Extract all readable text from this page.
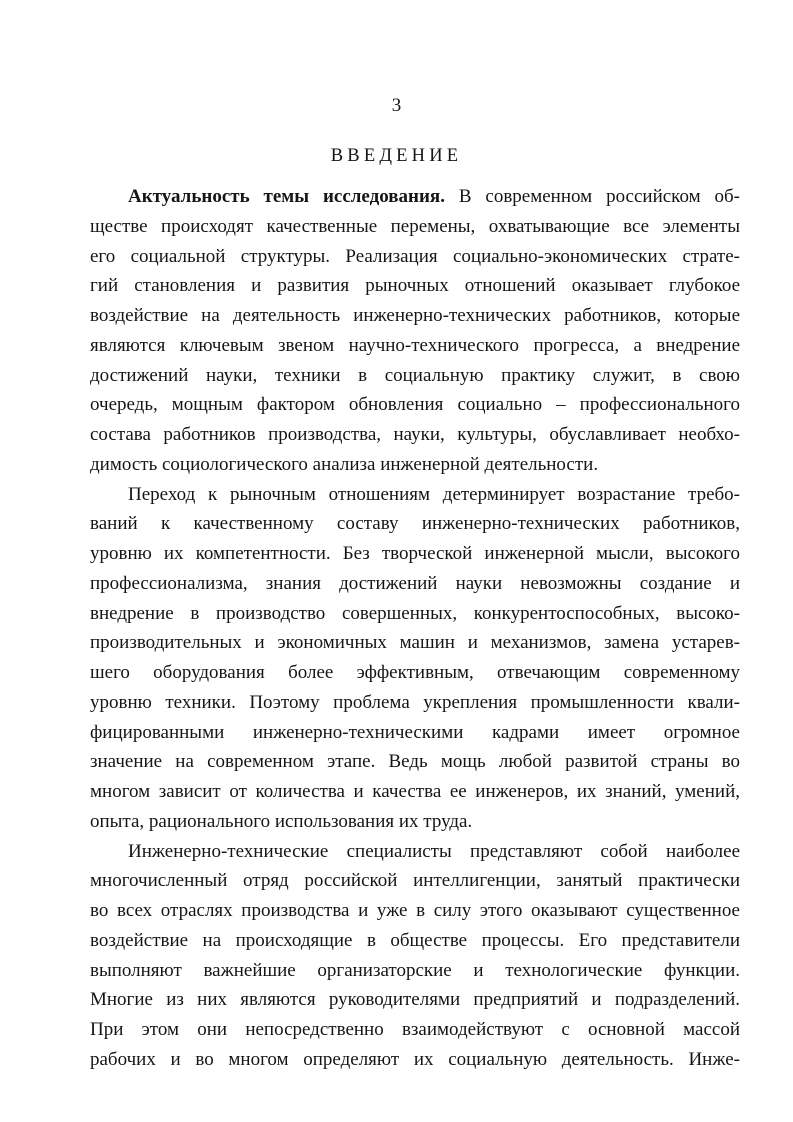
3
ВВЕДЕНИЕ
Актуальность темы исследования. В современном российском об-
ществе происходят качественные перемены, охватывающие все элементы
его социальной структуры. Реализация социально-экономических страте-
гий становления и развития рыночных отношений оказывает глубокое
воздействие на деятельность инженерно-технических работников, которые
являются ключевым звеном научно-технического прогресса, а внедрение
достижений науки, техники в социальную практику служит, в свою
очередь, мощным фактором обновления социально – профессионального
состава работников производства, науки, культуры, обуславливает необхо-
димость социологического анализа инженерной деятельности.
Переход к рыночным отношениям детерминирует возрастание требо-
ваний к качественному составу инженерно-технических работников,
уровню их компетентности. Без творческой инженерной мысли, высокого
профессионализма, знания достижений науки невозможны создание и
внедрение в производство совершенных, конкурентоспособных, высоко-
производительных и экономичных машин и механизмов, замена устарев-
шего оборудования более эффективным, отвечающим современному
уровню техники. Поэтому проблема укрепления промышленности квали-
фицированными инженерно-техническими кадрами имеет огромное
значение на современном этапе. Ведь мощь любой развитой страны во
многом зависит от количества и качества ее инженеров, их знаний, умений,
опыта, рационального использования их труда.
Инженерно-технические специалисты представляют собой наиболее
многочисленный отряд российской интеллигенции, занятый практически
во всех отраслях производства и уже в силу этого оказывают существенное
воздействие на происходящие в обществе процессы. Его представители
выполняют важнейшие организаторские и технологические функции.
Многие из них являются руководителями предприятий и подразделений.
При этом они непосредственно взаимодействуют с основной массой
рабочих и во многом определяют их социальную деятельность. Инже-
